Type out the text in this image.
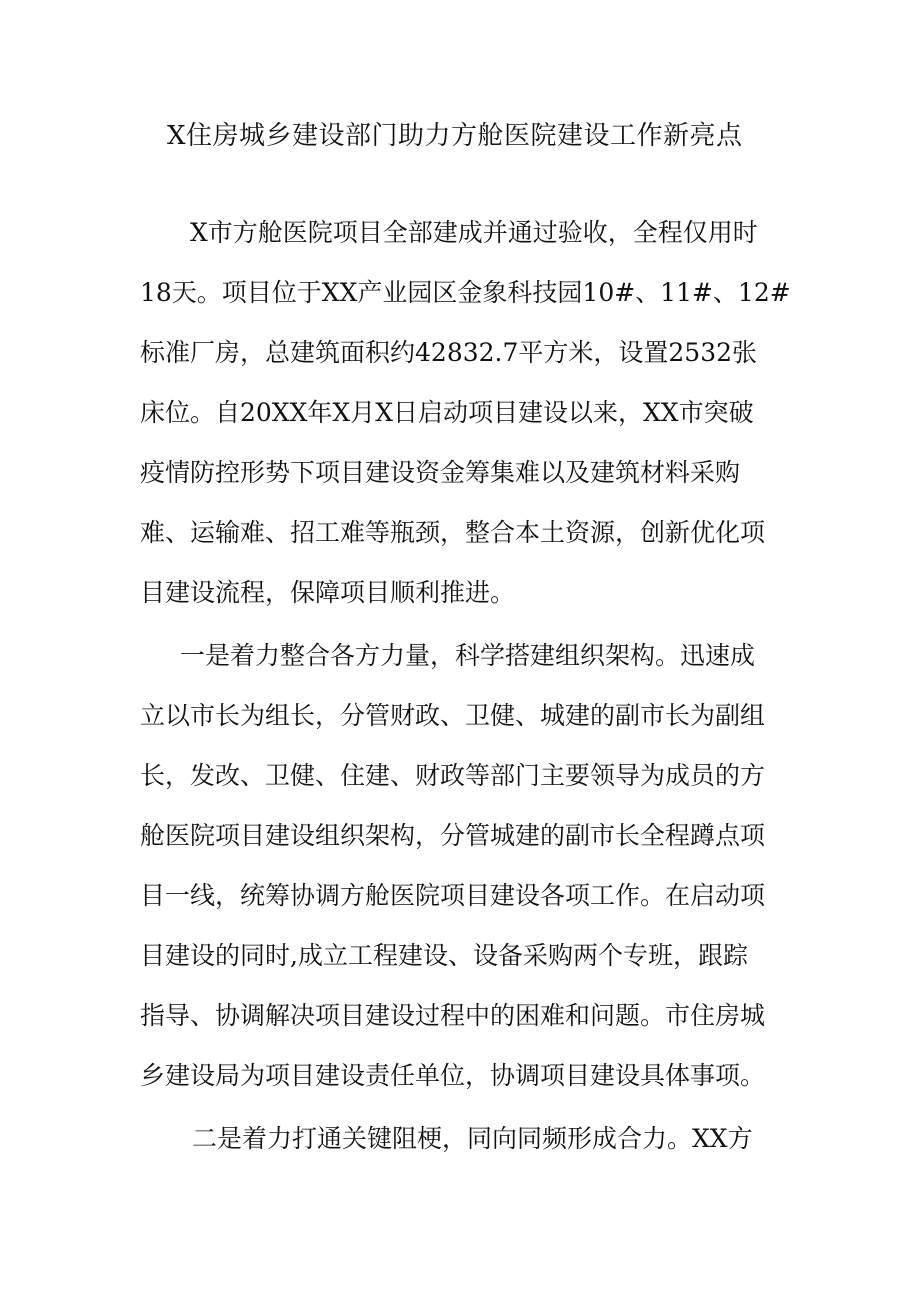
X住房城乡建设部门助力方舱医院建设工作新亮点
X市方舱医院项目全部建成并通过验收，全程仅用时
18天。项目位于XX产业园区金象科技园10#、11#、12#
标准厂房，总建筑面积约42832.7平方米，设置2532张
床位。自20XX年X月X日启动项目建设以来，XX市突破
疫情防控形势下项目建设资金筹集难以及建筑材料采购
难、运输难、招工难等瓶颈，整合本土资源，创新优化项
目建设流程，保障项目顺利推进。
一是着力整合各方力量，科学搭建组织架构。迅速成
立以市长为组长，分管财政、卫健、城建的副市长为副组
长，发改、卫健、住建、财政等部门主要领导为成员的方
舱医院项目建设组织架构，分管城建的副市长全程蹲点项
目一线，统筹协调方舱医院项目建设各项工作。在启动项
目建设的同时,成立工程建设、设备采购两个专班，跟踪
指导、协调解决项目建设过程中的困难和问题。市住房城
乡建设局为项目建设责任单位，协调项目建设具体事项。
二是着力打通关键阻梗，同向同频形成合力。XX方
